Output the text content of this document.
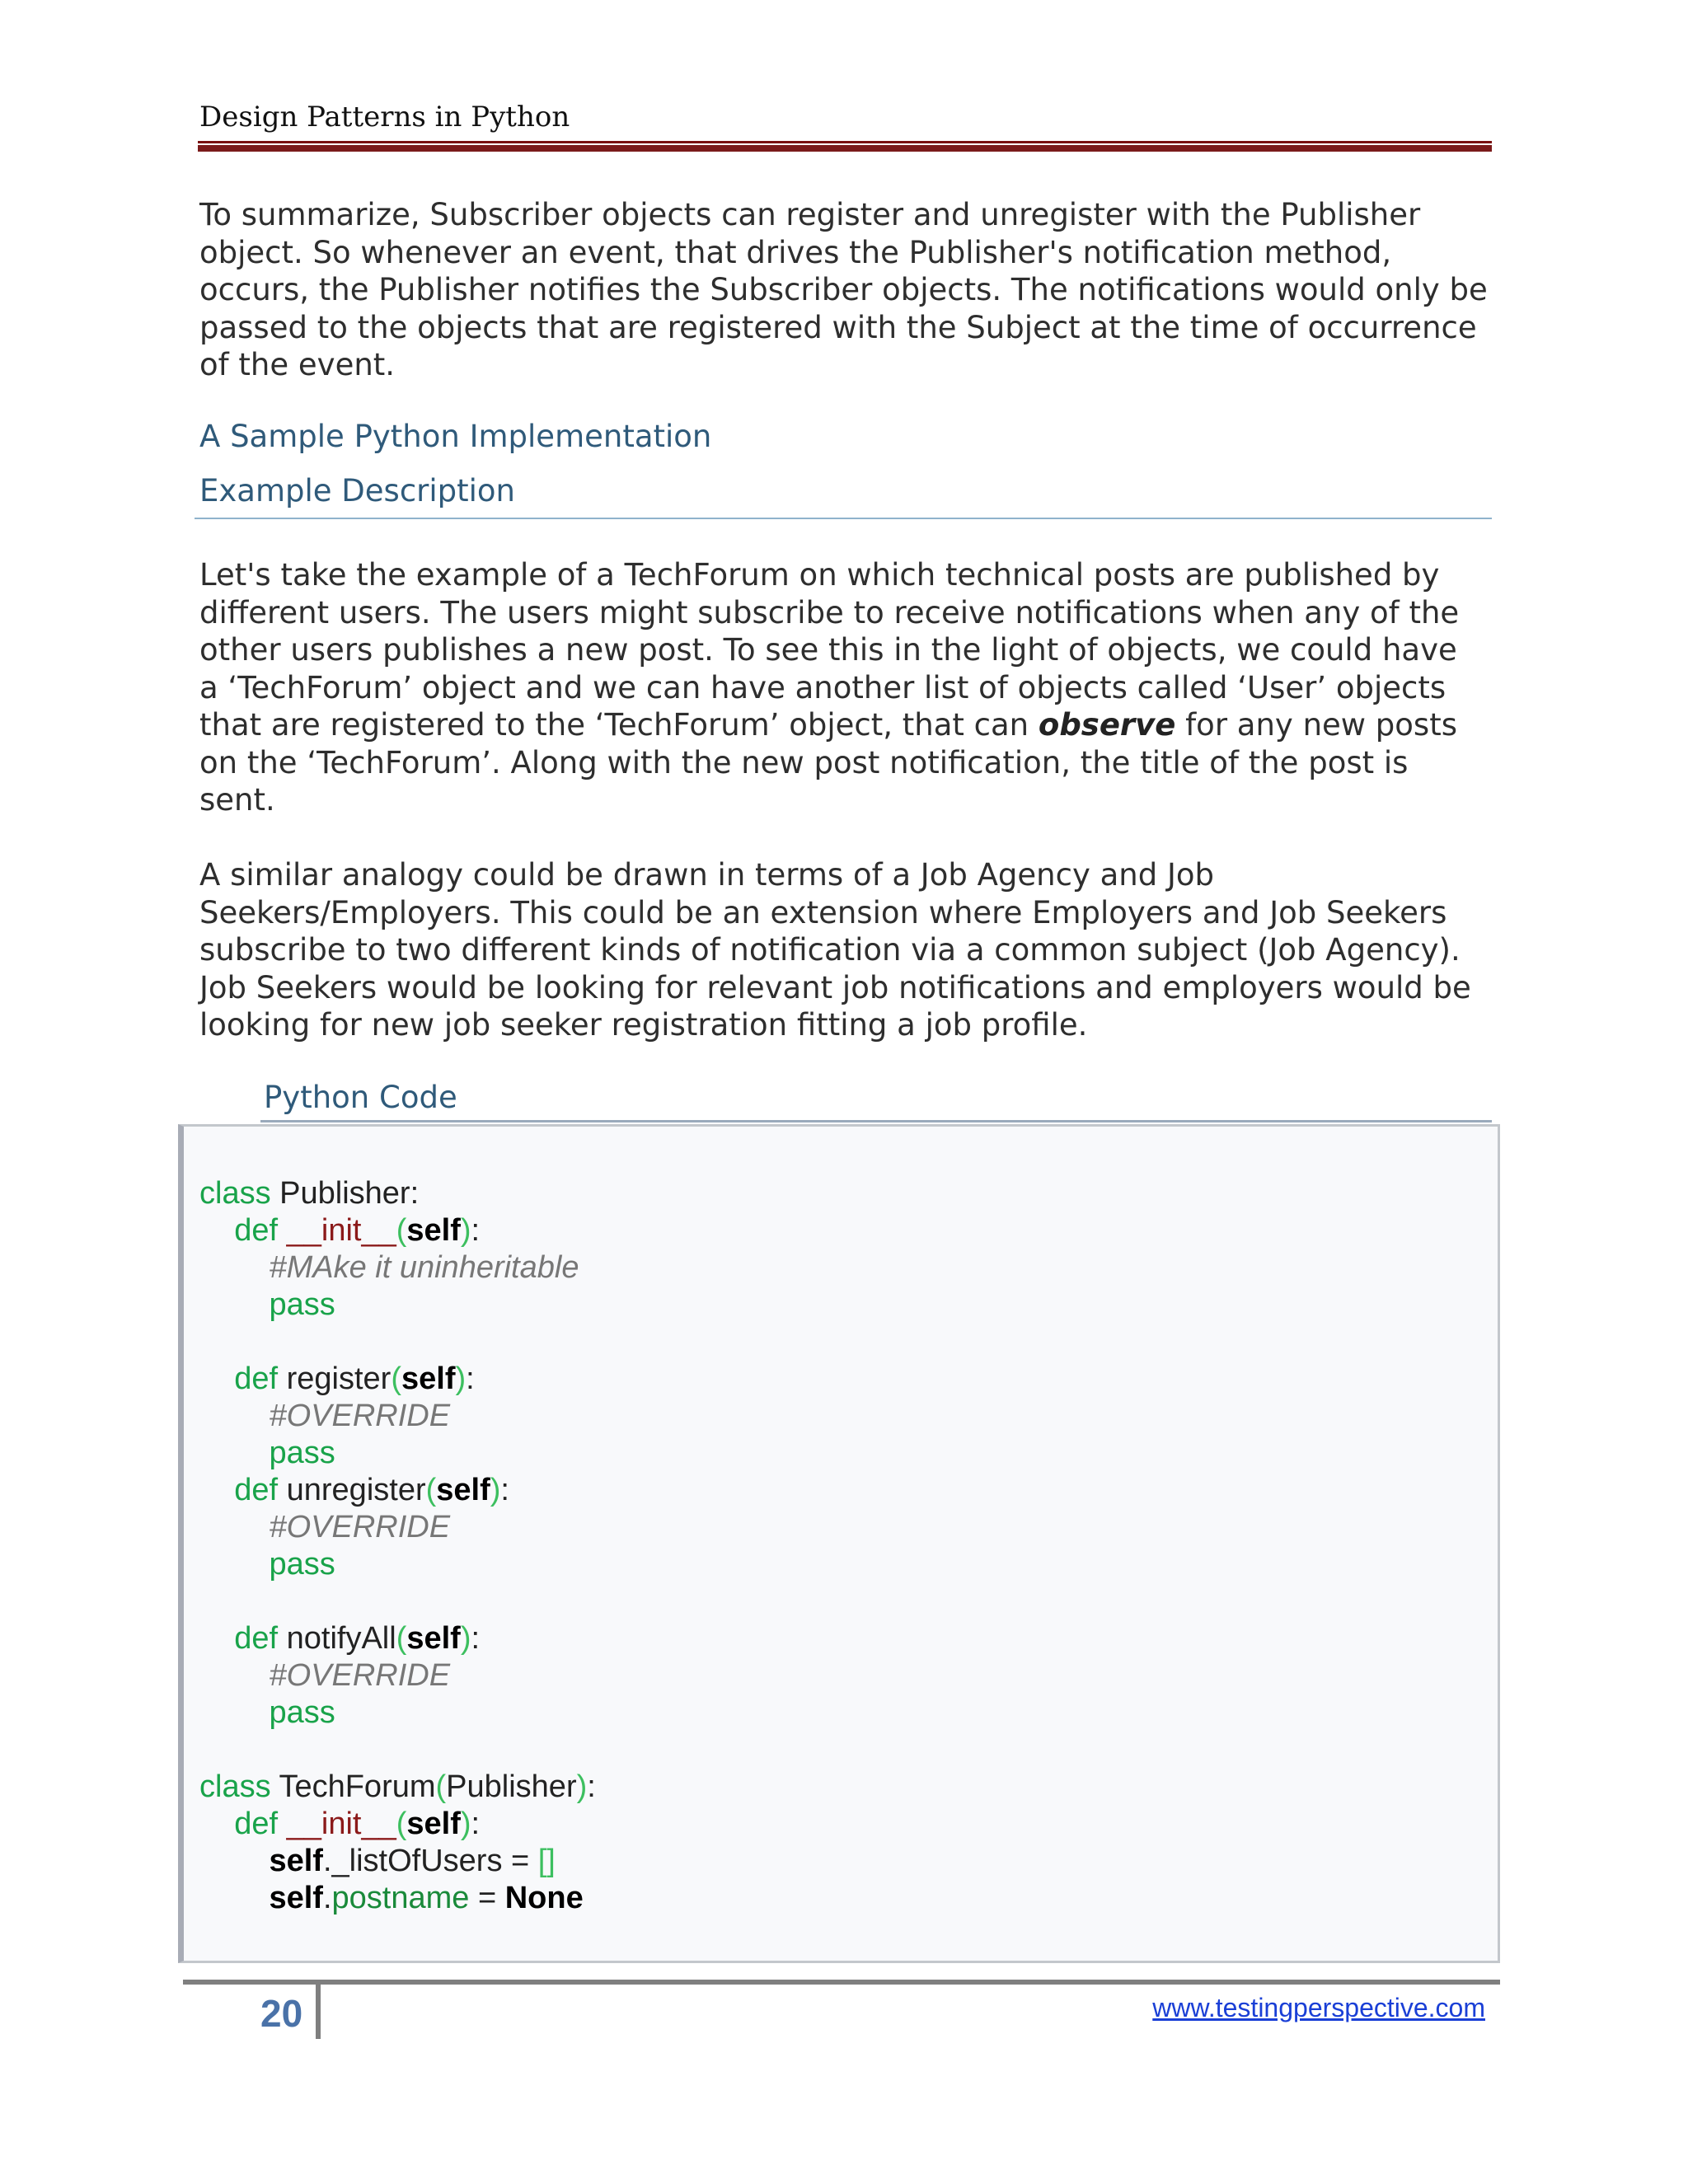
Design Patterns in Python
To summarize, Subscriber objects can register and unregister with the Publisher
object. So whenever an event, that drives the Publisher's notification method,
occurs, the Publisher notifies the Subscriber objects. The notifications would only be
passed to the objects that are registered with the Subject at the time of occurrence
of the event.
A Sample Python Implementation
Example Description
Let's take the example of a TechForum on which technical posts are published by
different users. The users might subscribe to receive notifications when any of the
other users publishes a new post. To see this in the light of objects, we could have
a ‘TechForum’ object and we can have another list of objects called ‘User’ objects
that are registered to the ‘TechForum’ object, that can observe for any new posts
on the ‘TechForum’. Along with the new post notification, the title of the post is
sent.
A similar analogy could be drawn in terms of a Job Agency and Job
Seekers/Employers. This could be an extension where Employers and Job Seekers
subscribe to two different kinds of notification via a common subject (Job Agency).
Job Seekers would be looking for relevant job notifications and employers would be
looking for new job seeker registration fitting a job profile.
Python Code
class Publisher:
def __init__(self):
#MAke it uninheritable
pass
def register(self):
#OVERRIDE
pass
def unregister(self):
#OVERRIDE
pass
def notifyAll(self):
#OVERRIDE
pass
class TechForum(Publisher):
def __init__(self):
self._listOfUsers = []
self.postname = None
20	www.testingperspective.com
